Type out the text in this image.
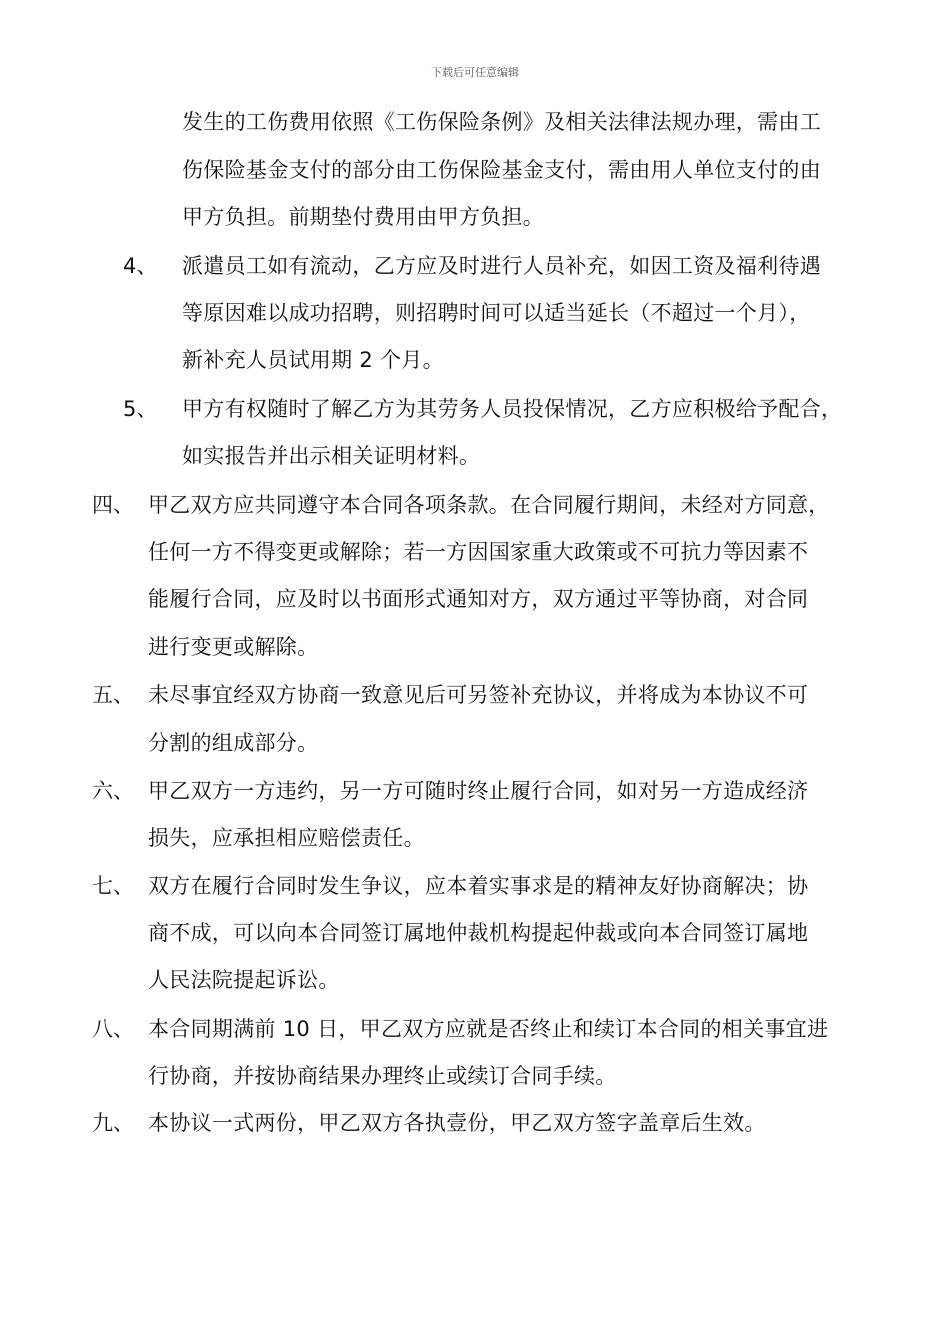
下载后可任意编辑
发生的工伤费用依照《工伤保险条例》及相关法律法规办理，需由工
伤保险基金支付的部分由工伤保险基金支付，需由用人单位支付的由
甲方负担。前期垫付费用由甲方负担。
4、 派遣员工如有流动，乙方应及时进行人员补充，如因工资及福利待遇
等原因难以成功招聘，则招聘时间可以适当延长（不超过一个月），
新补充人员试用期 2 个月。
5、 甲方有权随时了解乙方为其劳务人员投保情况，乙方应积极给予配合，
如实报告并出示相关证明材料。
四、 甲乙双方应共同遵守本合同各项条款。在合同履行期间，未经对方同意，
任何一方不得变更或解除；若一方因国家重大政策或不可抗力等因素不
能履行合同，应及时以书面形式通知对方，双方通过平等协商，对合同
进行变更或解除。
五、 未尽事宜经双方协商一致意见后可另签补充协议，并将成为本协议不可
分割的组成部分。
六、 甲乙双方一方违约，另一方可随时终止履行合同，如对另一方造成经济
损失，应承担相应赔偿责任。
七、 双方在履行合同时发生争议，应本着实事求是的精神友好协商解决；协
商不成，可以向本合同签订属地仲裁机构提起仲裁或向本合同签订属地
人民法院提起诉讼。
八、 本合同期满前 10 日，甲乙双方应就是否终止和续订本合同的相关事宜进
行协商，并按协商结果办理终止或续订合同手续。
九、 本协议一式两份，甲乙双方各执壹份，甲乙双方签字盖章后生效。
